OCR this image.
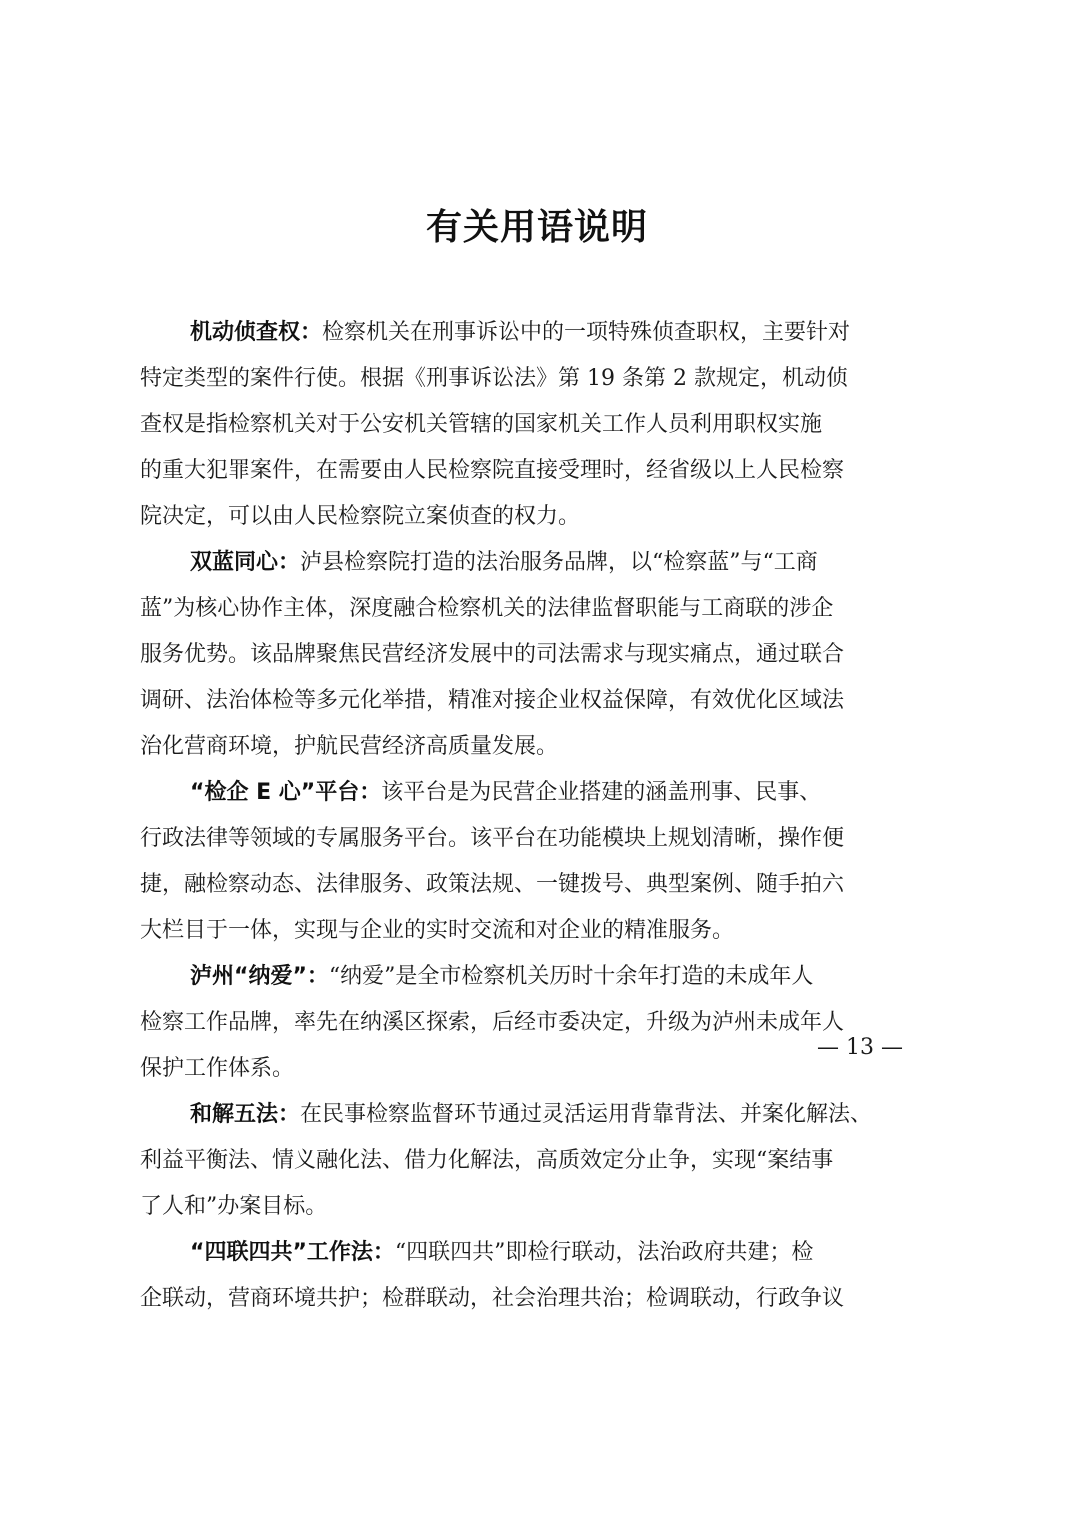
有关用语说明
机动侦查权：检察机关在刑事诉讼中的一项特殊侦查职权，主要针对
特定类型的案件行使。根据《刑事诉讼法》第 19 条第 2 款规定，机动侦
查权是指检察机关对于公安机关管辖的国家机关工作人员利用职权实施
的重大犯罪案件，在需要由人民检察院直接受理时，经省级以上人民检察
院决定，可以由人民检察院立案侦查的权力。
双蓝同心：泸县检察院打造的法治服务品牌，以“检察蓝”与“工商
蓝”为核心协作主体，深度融合检察机关的法律监督职能与工商联的涉企
服务优势。该品牌聚焦民营经济发展中的司法需求与现实痛点，通过联合
调研、法治体检等多元化举措，精准对接企业权益保障，有效优化区域法
治化营商环境，护航民营经济高质量发展。
“检企 E 心”平台：该平台是为民营企业搭建的涵盖刑事、民事、
行政法律等领域的专属服务平台。该平台在功能模块上规划清晰，操作便
捷，融检察动态、法律服务、政策法规、一键拨号、典型案例、随手拍六
大栏目于一体，实现与企业的实时交流和对企业的精准服务。
泸州“纳爱”：“纳爱”是全市检察机关历时十余年打造的未成年人
检察工作品牌，率先在纳溪区探索，后经市委决定，升级为泸州未成年人
保护工作体系。
和解五法：在民事检察监督环节通过灵活运用背靠背法、并案化解法、
利益平衡法、情义融化法、借力化解法，高质效定分止争，实现“案结事
了人和”办案目标。
“四联四共”工作法：“四联四共”即检行联动，法治政府共建；检
企联动，营商环境共护；检群联动，社会治理共治；检调联动，行政争议
— 13 —
